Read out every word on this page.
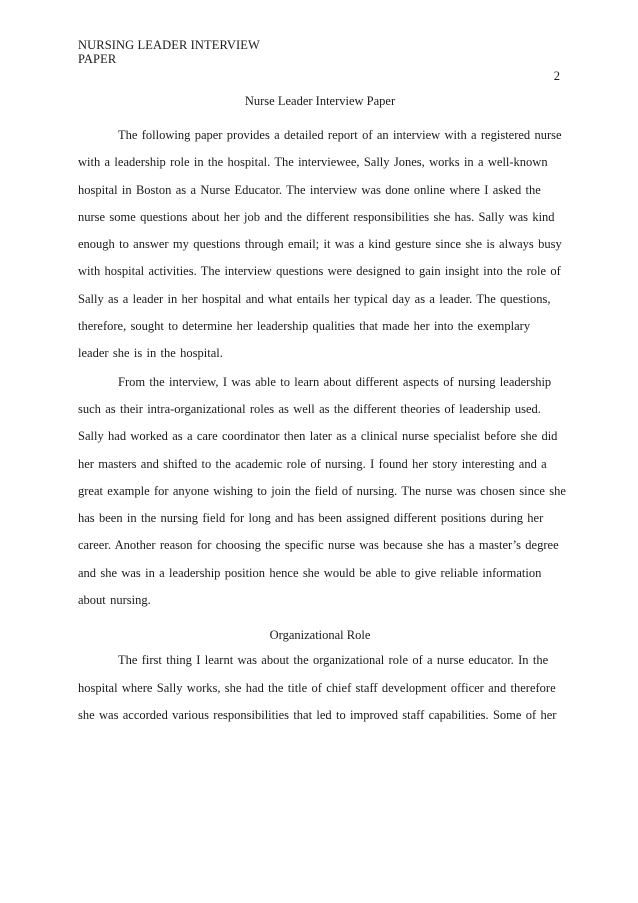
NURSING LEADER INTERVIEW
PAPER
2
Nurse Leader Interview Paper
The following paper provides a detailed report of an interview with a registered nurse
with a leadership role in the hospital. The interviewee, Sally Jones, works in a well-known
hospital in Boston as a Nurse Educator. The interview was done online where I asked the
nurse some questions about her job and the different responsibilities she has. Sally was kind
enough to answer my questions through email; it was a kind gesture since she is always busy
with hospital activities. The interview questions were designed to gain insight into the role of
Sally as a leader in her hospital and what entails her typical day as a leader. The questions,
therefore, sought to determine her leadership qualities that made her into the exemplary
leader she is in the hospital.
From the interview, I was able to learn about different aspects of nursing leadership
such as their intra-organizational roles as well as the different theories of leadership used.
Sally had worked as a care coordinator then later as a clinical nurse specialist before she did
her masters and shifted to the academic role of nursing. I found her story interesting and a
great example for anyone wishing to join the field of nursing. The nurse was chosen since she
has been in the nursing field for long and has been assigned different positions during her
career. Another reason for choosing the specific nurse was because she has a master’s degree
and she was in a leadership position hence she would be able to give reliable information
about nursing.
Organizational Role
The first thing I learnt was about the organizational role of a nurse educator. In the
hospital where Sally works, she had the title of chief staff development officer and therefore
she was accorded various responsibilities that led to improved staff capabilities. Some of her
